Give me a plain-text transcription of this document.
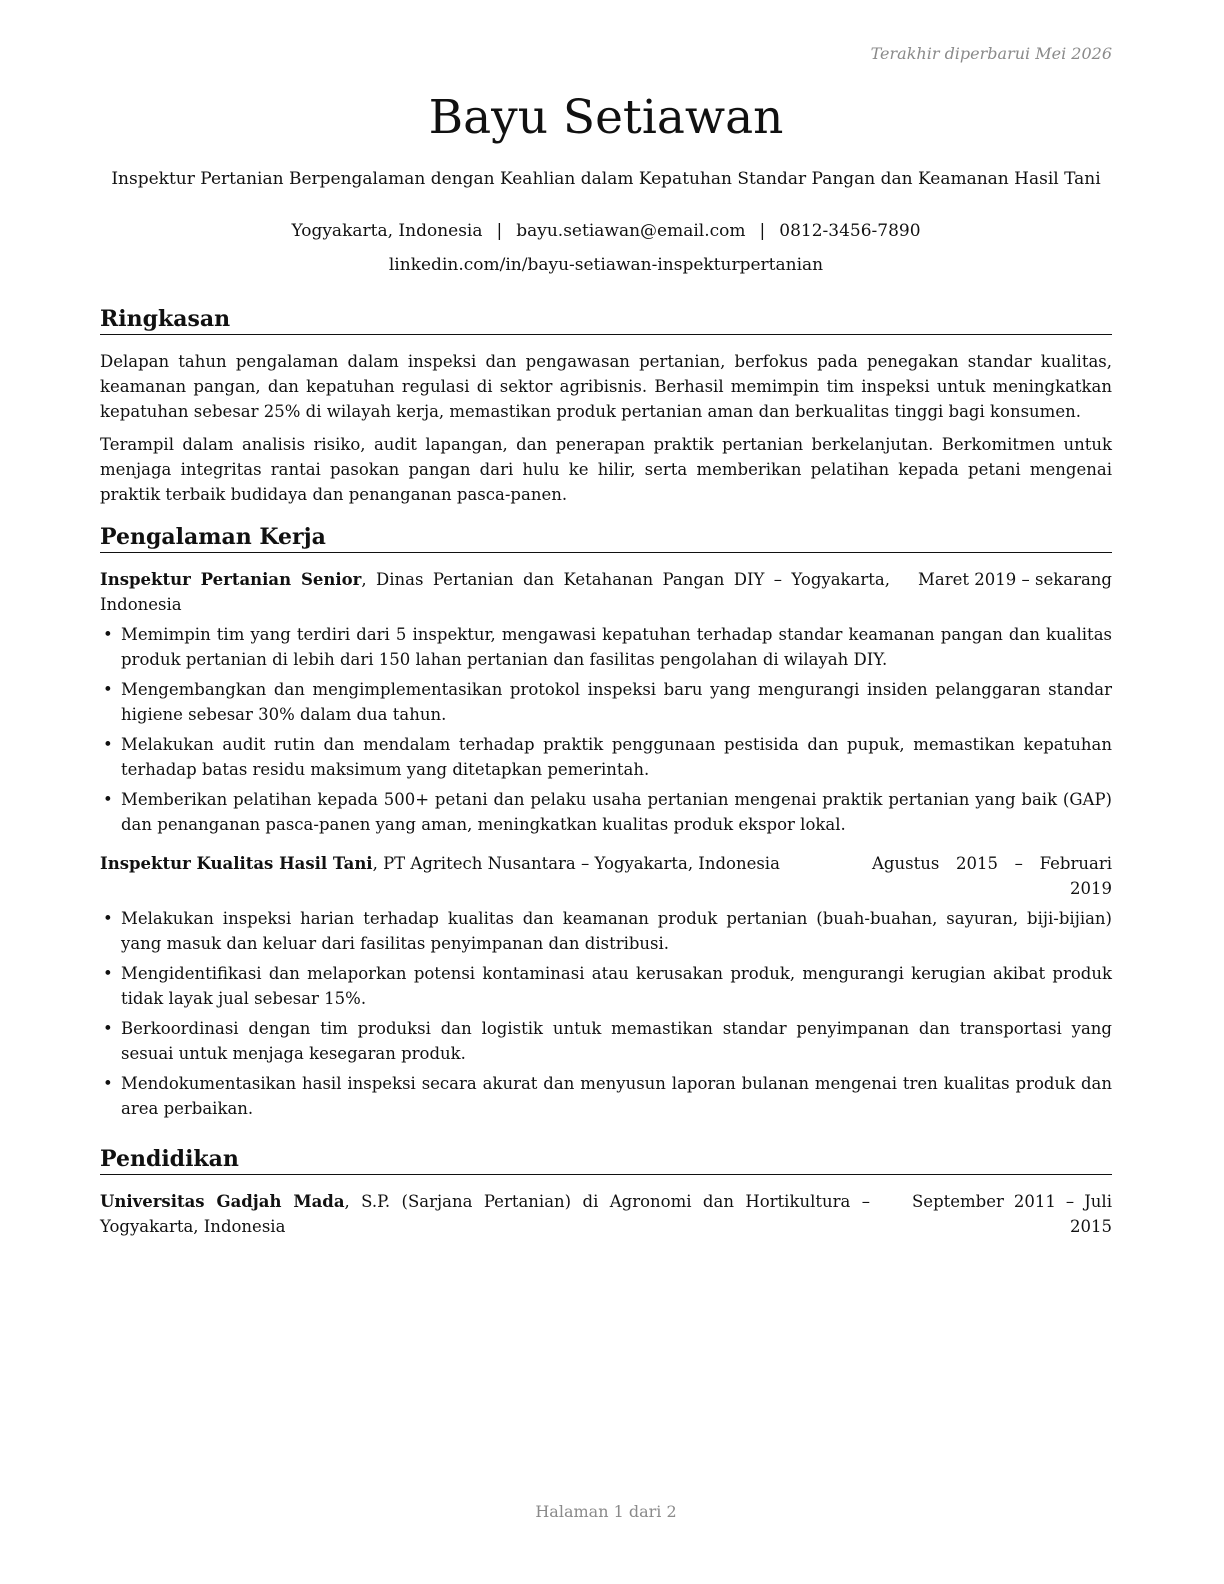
Terakhir diperbarui Mei 2026
Bayu Setiawan
Inspektur Pertanian Berpengalaman dengan Keahlian dalam Kepatuhan Standar Pangan dan Keamanan Hasil Tani
Yogyakarta, Indonesia | bayu.setiawan@email.com | 0812-3456-7890
linkedin.com/in/bayu-setiawan-inspekturpertanian
Ringkasan

Delapan tahun pengalaman dalam inspeksi dan pengawasan pertanian, berfokus pada penegakan standar kualitas, keamanan pangan, dan kepatuhan regulasi di sektor agribisnis. Berhasil memimpin tim inspeksi untuk meningkatkan kepatuhan sebesar 25% di wilayah kerja, memastikan produk pertanian aman dan berkualitas tinggi bagi konsumen.

Terampil dalam analisis risiko, audit lapangan, dan penerapan praktik pertanian berkelanjutan. Berkomitmen untuk menjaga integritas rantai pasokan pangan dari hulu ke hilir, serta memberikan pelatihan kepada petani mengenai praktik terbaik budidaya dan penanganan pasca-panen.

Pengalaman Kerja
Inspektur Pertanian Senior, Dinas Pertanian dan Ketahanan Pangan DIY – Yogyakarta, Indonesia
Maret 2019 – sekarang
• Memimpin tim yang terdiri dari 5 inspektur, mengawasi kepatuhan terhadap standar keamanan pangan dan kualitas produk pertanian di lebih dari 150 lahan pertanian dan fasilitas pengolahan di wilayah DIY.
• Mengembangkan dan mengimplementasikan protokol inspeksi baru yang mengurangi insiden pelanggaran standar higiene sebesar 30% dalam dua tahun.
• Melakukan audit rutin dan mendalam terhadap praktik penggunaan pestisida dan pupuk, memastikan kepatuhan terhadap batas residu maksimum yang ditetapkan pemerintah.
• Memberikan pelatihan kepada 500+ petani dan pelaku usaha pertanian mengenai praktik pertanian yang baik (GAP) dan penanganan pasca-panen yang aman, meningkatkan kualitas produk ekspor lokal.
Inspektur Kualitas Hasil Tani, PT Agritech Nusantara – Yogyakarta, Indonesia	Agustus 2015 – Februari 2019
• Melakukan inspeksi harian terhadap kualitas dan keamanan produk pertanian (buah-buahan, sayuran, biji-bijian) yang masuk dan keluar dari fasilitas penyimpanan dan distribusi.
• Mengidentifikasi dan melaporkan potensi kontaminasi atau kerusakan produk, mengurangi kerugian akibat produk tidak layak jual sebesar 15%.
• Berkoordinasi dengan tim produksi dan logistik untuk memastikan standar penyimpanan dan transportasi yang sesuai untuk menjaga kesegaran produk.
• Mendokumentasikan hasil inspeksi secara akurat dan menyusun laporan bulanan mengenai tren kualitas produk dan area perbaikan.
Pendidikan
Universitas Gadjah Mada, S.P. (Sarjana Pertanian) di Agronomi dan Hortikultura – Yogyakarta, Indonesia
September 2011 – Juli 2015
Halaman 1 dari 2
